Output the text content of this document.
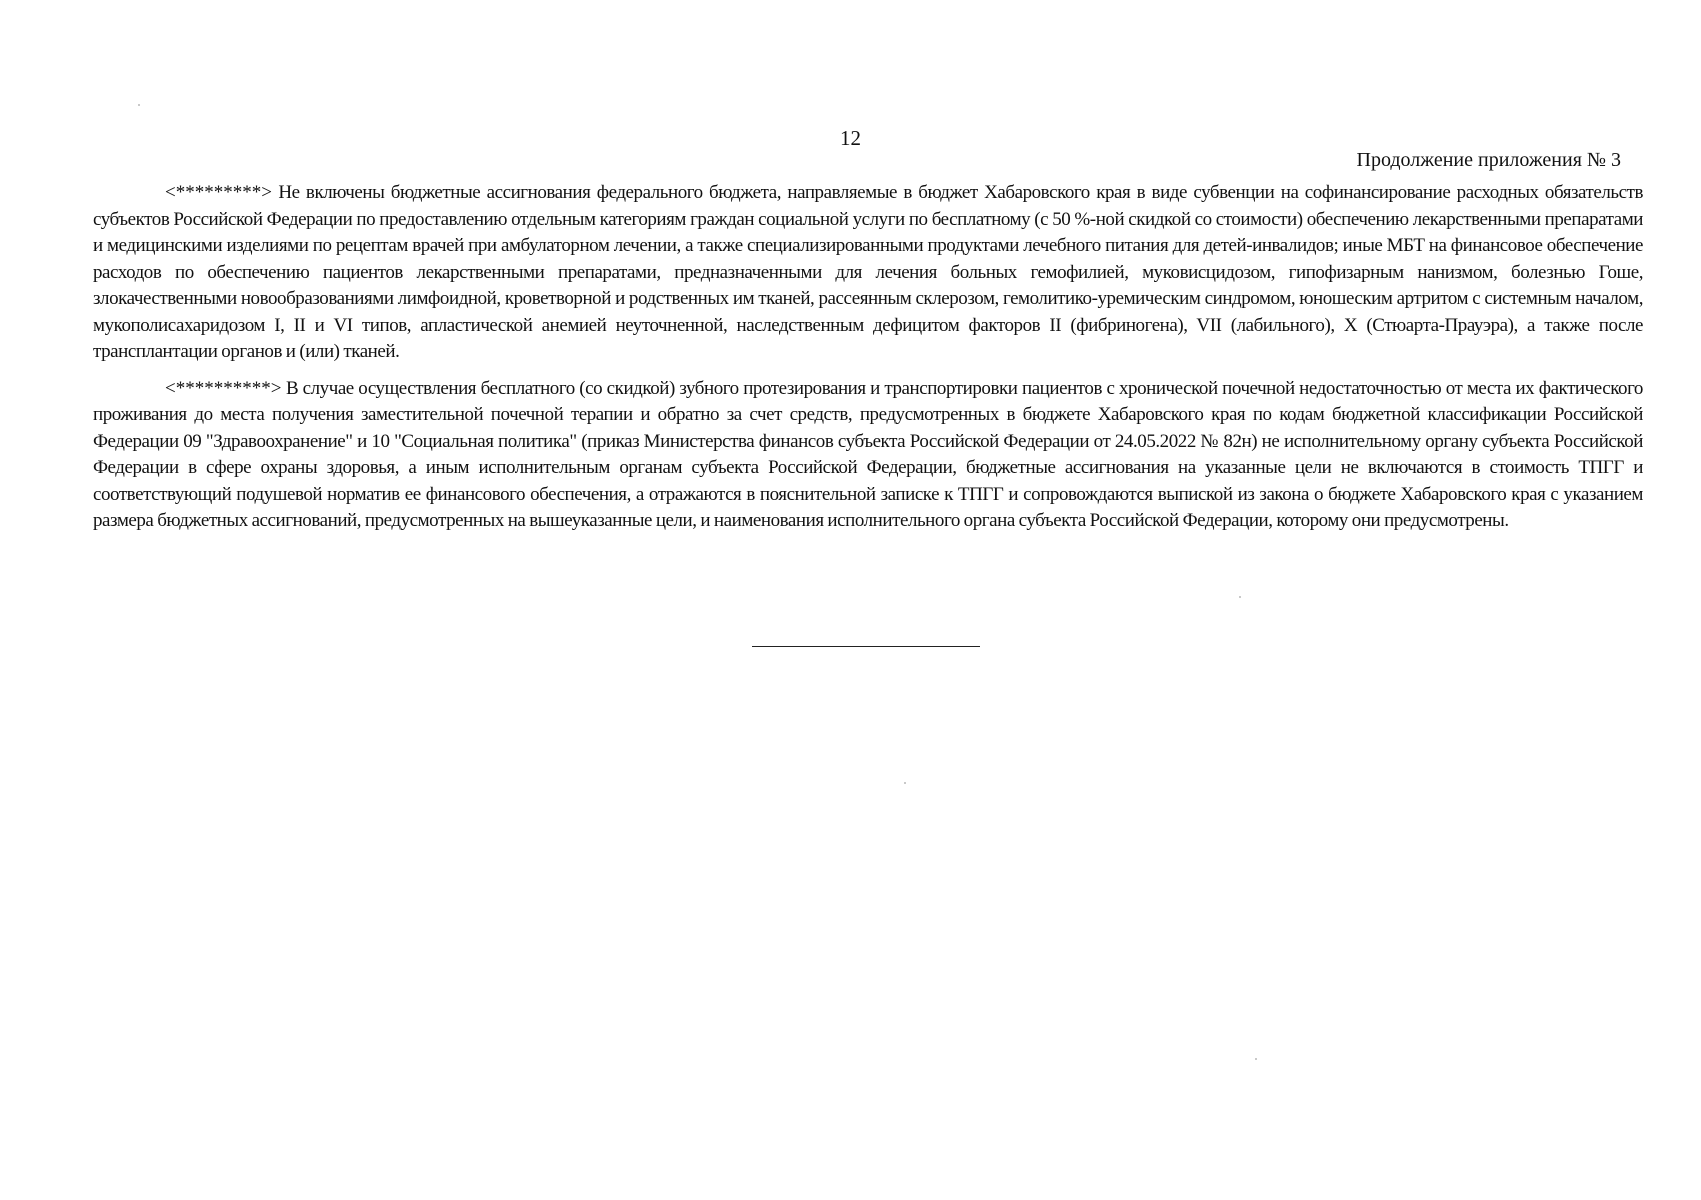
12
Продолжение приложения № 3

<*********> Не включены бюджетные ассигнования федерального бюджета, направляемые в бюджет Хабаровского края в виде субвенции на софинансирование расходных обязательств субъектов Российской Федерации по предоставлению отдельным категориям граждан социальной услуги по бесплатному (с 50 %-ной скидкой со стоимости) обеспечению лекарственными препаратами и медицинскими изделиями по рецептам врачей при амбулаторном лечении, а также специализированными продуктами лечебного питания для детей-инвалидов; иные МБТ на финансовое обеспечение расходов по обеспечению пациентов лекарственными препаратами, предназначенными для лечения больных гемофилией, муковисцидозом, гипофизарным нанизмом, болезнью Гоше, злокачественными новообразованиями лимфоидной, кроветворной и родственных им тканей, рассеянным склерозом, гемолитико-уремическим синдромом, юношеским артритом с системным началом, мукополисахаридозом I, II и VI типов, апластической анемией неуточненной, наследственным дефицитом факторов II (фибриногена), VII (лабильного), X (Стюарта-Прауэра), а также после трансплантации органов и (или) тканей.

<**********> В случае осуществления бесплатного (со скидкой) зубного протезирования и транспортировки пациентов с хронической почечной недостаточностью от места их фактического проживания до места получения заместительной почечной терапии и обратно за счет средств, предусмотренных в бюджете Хабаровского края по кодам бюджетной классификации Российской Федерации 09 "Здравоохранение" и 10 "Социальная политика" (приказ Министерства финансов субъекта Российской Федерации от 24.05.2022 № 82н) не исполнительному органу субъекта Российской Федерации в сфере охраны здоровья, а иным исполнительным органам субъекта Российской Федерации, бюджетные ассигнования на указанные цели не включаются в стоимость ТПГГ и соответствующий подушевой норматив ее финансового обеспечения, а отражаются в пояснительной записке к ТПГГ и сопровождаются выпиской из закона о бюджете Хабаровского края с указанием размера бюджетных ассигнований, предусмотренных на вышеуказанные цели, и наименования исполнительного органа субъекта Российской Федерации, которому они предусмотрены.
